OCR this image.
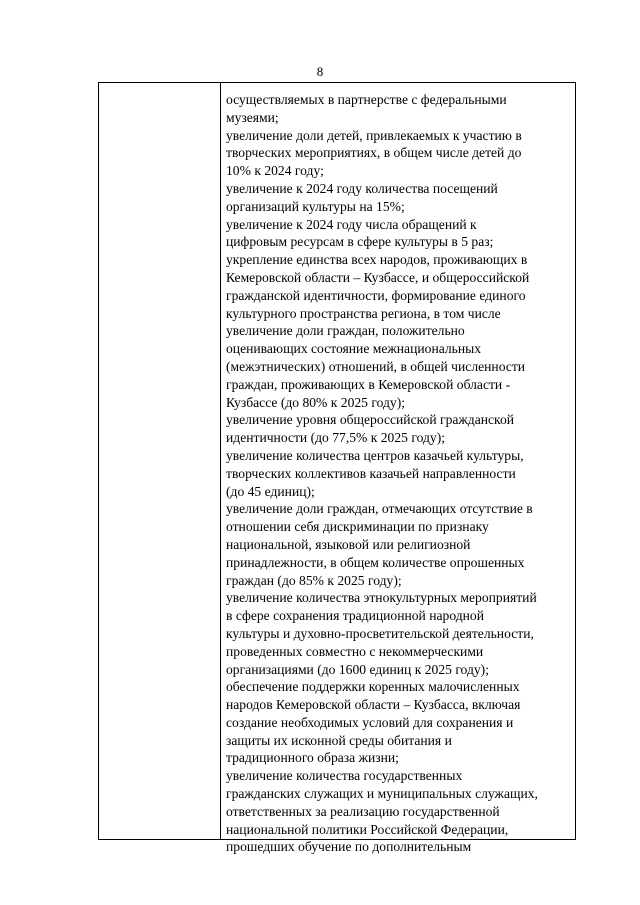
8
осуществляемых в партнерстве с федеральными
музеями;
увеличение доли детей, привлекаемых к участию в
творческих мероприятиях, в общем числе детей до
10% к 2024 году;
увеличение к 2024 году количества посещений
организаций культуры на 15%;
увеличение к 2024 году числа обращений к
цифровым ресурсам в сфере культуры в 5 раз;
укрепление единства всех народов, проживающих в
Кемеровской области – Кузбассе, и общероссийской
гражданской идентичности, формирование единого
культурного пространства региона, в том числе
увеличение доли граждан, положительно
оценивающих состояние межнациональных
(межэтнических) отношений, в общей численности
граждан, проживающих в Кемеровской области -
Кузбассе (до 80% к 2025 году);
увеличение уровня общероссийской гражданской
идентичности (до 77,5% к 2025 году);
увеличение количества центров казачьей культуры,
творческих коллективов казачьей направленности
(до 45 единиц);
увеличение доли граждан, отмечающих отсутствие в
отношении себя дискриминации по признаку
национальной, языковой или религиозной
принадлежности, в общем количестве опрошенных
граждан (до 85% к 2025 году);
увеличение количества этнокультурных мероприятий
в сфере сохранения традиционной народной
культуры и духовно-просветительской деятельности,
проведенных совместно с некоммерческими
организациями (до 1600 единиц к 2025 году);
обеспечение поддержки коренных малочисленных
народов Кемеровской области – Кузбасса, включая
создание необходимых условий для сохранения и
защиты их исконной среды обитания и
традиционного образа жизни;
увеличение количества государственных
гражданских служащих и муниципальных служащих,
ответственных за реализацию государственной
национальной политики Российской Федерации,
прошедших обучение по дополнительным
